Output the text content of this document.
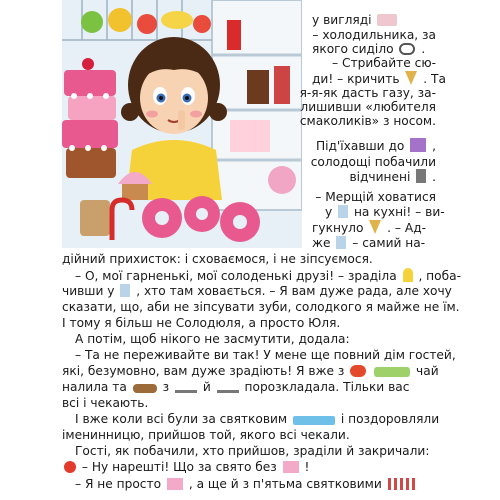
у вигляді
– холодильника, за
якого сиділо .
– Стрибайте сю-
ди! – кричить . Та
я-я-як дасть газу, за-
лишивши «любителя
смаколиків» з носом.
Під'їхавши до ,
солодощі побачили
відчинені .
– Мерщій ховатися
у на кухні! – ви-
гукнуло . – Ад-
же – самий на-
дійний прихисток: і сховаємося, і не зіпсуємося.
– О, мої гарненькі, мої солоденькі друзі! – зраділа , поба-
чивши у , хто там ховається. – Я вам дуже рада, але хочу
сказати, що, аби не зіпсувати зуби, солодкого я майже не їм.
І тому я більш не Солодюля, а просто Юля.
А потім, щоб нікого не засмутити, додала:
– Та не переживайте ви так! У мене ще повний дім гостей,
які, безумовно, вам дуже зрадіють! Я вже з	чай
налила та	з	й	порозкладала. Тільки вас
всі і чекають.
І вже коли всі були за святковим	і поздоровляли
іменинницю, прийшов той, якого всі чекали.
Гості, як побачили, хто прийшов, зраділи й закричали:
– Ну нарешті! Що за свято без !
– Я не просто , а ще й з п'ятьма святковими
